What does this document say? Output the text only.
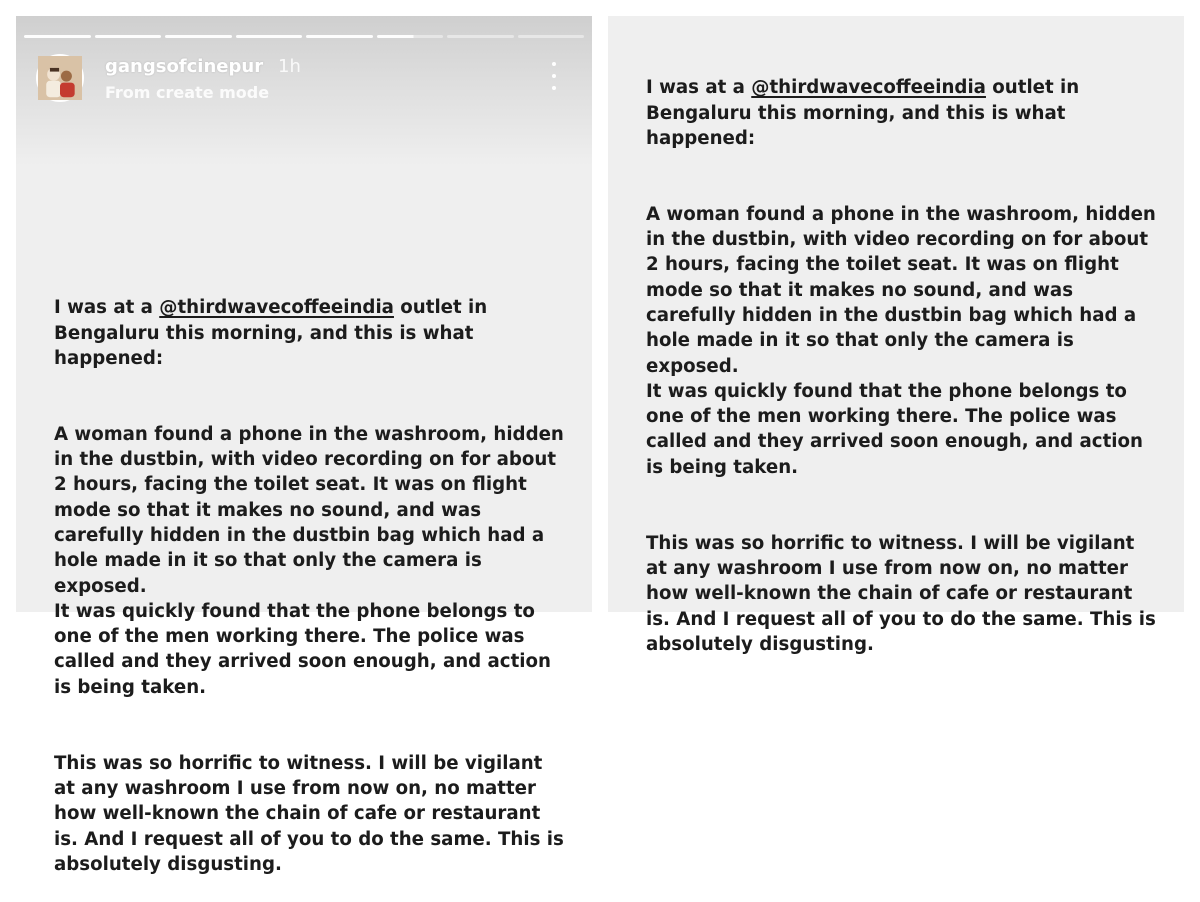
gangsofcinepur 1h
From create mode

I was at a @thirdwavecoffeeindia outlet in
Bengaluru this morning, and this is what
happened:

A woman found a phone in the washroom, hidden
in the dustbin, with video recording on for about
2 hours, facing the toilet seat. It was on flight
mode so that it makes no sound, and was
carefully hidden in the dustbin bag which had a
hole made in it so that only the camera is
exposed.
It was quickly found that the phone belongs to
one of the men working there. The police was
called and they arrived soon enough, and action
is being taken.

This was so horrific to witness. I will be vigilant
at any washroom I use from now on, no matter
how well-known the chain of cafe or restaurant
is. And I request all of you to do the same. This is
absolutely disgusting.

I was at a @thirdwavecoffeeindia outlet in
Bengaluru this morning, and this is what
happened:

A woman found a phone in the washroom, hidden
in the dustbin, with video recording on for about
2 hours, facing the toilet seat. It was on flight
mode so that it makes no sound, and was
carefully hidden in the dustbin bag which had a
hole made in it so that only the camera is
exposed.
It was quickly found that the phone belongs to
one of the men working there. The police was
called and they arrived soon enough, and action
is being taken.

This was so horrific to witness. I will be vigilant
at any washroom I use from now on, no matter
how well-known the chain of cafe or restaurant
is. And I request all of you to do the same. This is
absolutely disgusting.
